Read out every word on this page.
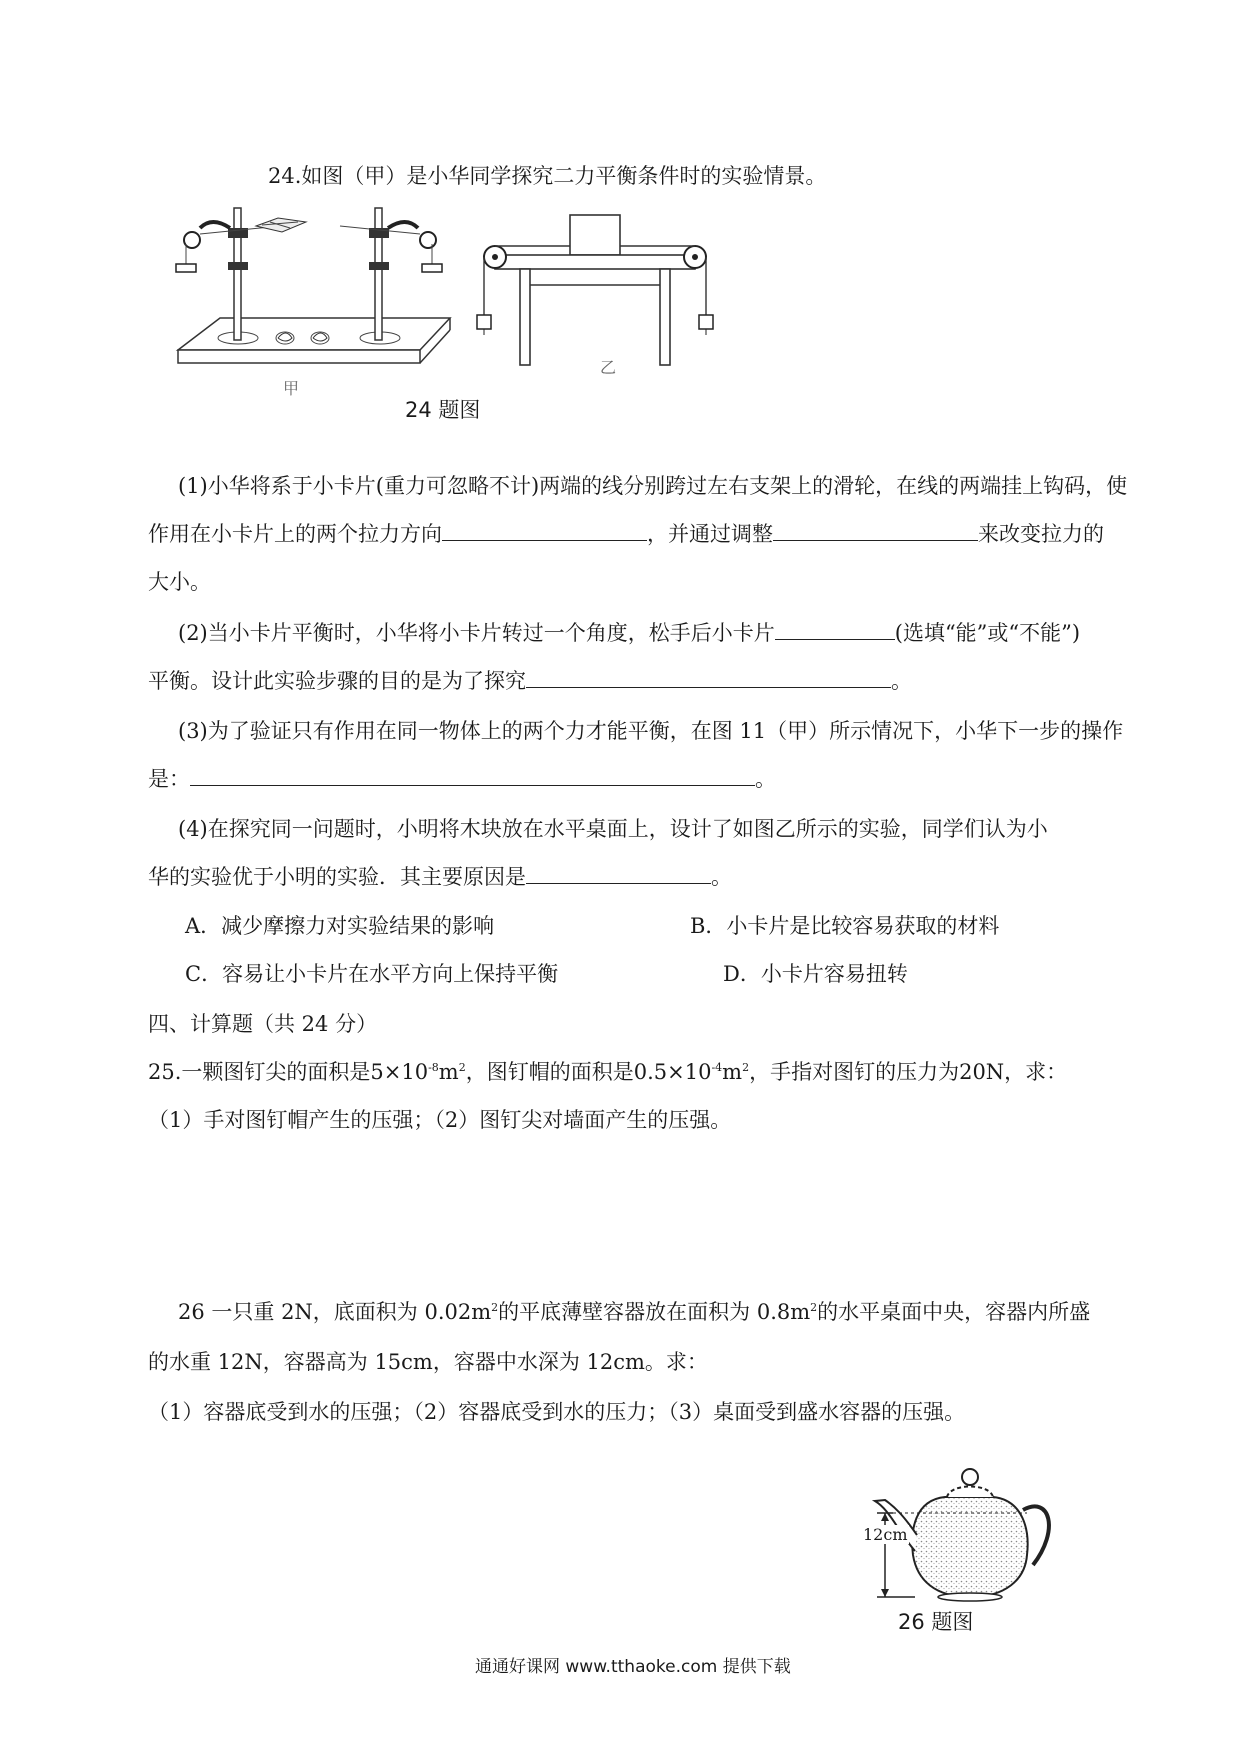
24.如图（甲）是小华同学探究二力平衡条件时的实验情景。
甲
乙
24 题图
(1)小华将系于小卡片(重力可忽略不计)两端的线分别跨过左右支架上的滑轮，在线的两端挂上钩码，使
作用在小卡片上的两个拉力方向	，并通过调整	来改变拉力的
大小。
(2)当小卡片平衡时，小华将小卡片转过一个角度，松手后小卡片	(选填“能”或“不能”)
平衡。设计此实验步骤的目的是为了探究	。
(3)为了验证只有作用在同一物体上的两个力才能平衡，在图 11（甲）所示情况下，小华下一步的操作
是：	。
(4)在探究同一问题时，小明将木块放在水平桌面上，设计了如图乙所示的实验，同学们认为小
华的实验优于小明的实验．其主要原因是	。
A．减少摩擦力对实验结果的影响	B．小卡片是比较容易获取的材料
C．容易让小卡片在水平方向上保持平衡	D．小卡片容易扭转
四、计算题（共 24 分）
25.一颗图钉尖的面积是$5\times 10^{-8}m^2$，图钉帽的面积是$0.5\times 10^{-4}m^2$，手指对图钉的压力为20N，求：
（1）手对图钉帽产生的压强；（2）图钉尖对墙面产生的压强。
26 一只重 2N，底面积为 $0.02m^2$的平底薄壁容器放在面积为 $0.8m^2$的水平桌面中央，容器内所盛
的水重 12N，容器高为 15cm，容器中水深为 12cm。求：
（1）容器底受到水的压强；（2）容器底受到水的压力；（3）桌面受到盛水容器的压强。
12cm
26 题图
通通好课网 www.tthaoke.com 提供下载
